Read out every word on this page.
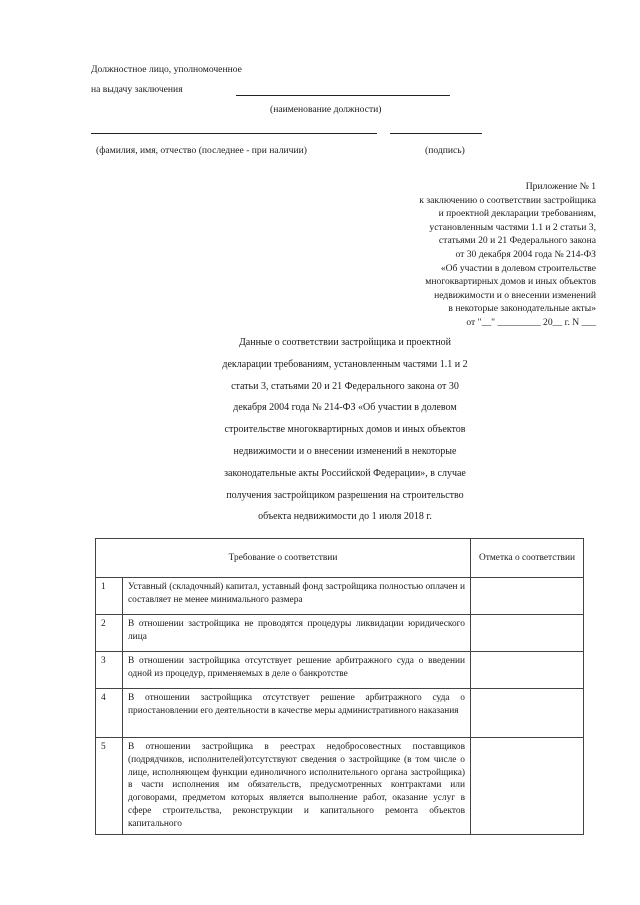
Должностное лицо, уполномоченное
на выдачу заключения
(наименование должности)
(фамилия, имя, отчество (последнее - при наличии)	(подпись)
Приложение № 1
к заключению о соответствии застройщика
и проектной декларации требованиям,
установленным частями 1.1 и 2 статьи 3,
статьями 20 и 21 Федерального закона
от 30 декабря 2004 года № 214-ФЗ
«Об участии в долевом строительстве
многоквартирных домов и иных объектов
недвижимости и о внесении изменений
в некоторые законодательные акты»
от "__" _________ 20__ г. N ___
Данные о соответствии застройщика и проектной
декларации требованиям, установленным частями 1.1 и 2
статьи 3, статьями 20 и 21 Федерального закона от 30
декабря 2004 года № 214-ФЗ «Об участии в долевом
строительстве многоквартирных домов и иных объектов
недвижимости и о внесении изменений в некоторые
законодательные акты Российской Федерации», в случае
получения застройщиком разрешения на строительство
объекта недвижимости до 1 июля 2018 г.
Требование о соответствии		Отметка о соответствии
1	Уставный (складочный) капитал, уставный фонд застройщика полностью оплачен и составляет не менее минимального размера	
2	В отношении застройщика не проводятся процедуры ликвидации юридического лица	
3	В отношении застройщика отсутствует решение арбитражного суда о введении одной из процедур, применяемых в деле о банкротстве	
4	В отношении застройщика отсутствует решение арбитражного суда о приостановлении его деятельности в качестве меры административного наказания	
5	В отношении застройщика в реестрах недобросовестных поставщиков (подрядчиков, исполнителей)отсутствуют сведения о застройщике (в том числе о лице, исполняющем функции единоличного исполнительного органа застройщика) в части исполнения им обязательств, предусмотренных контрактами или договорами, предметом которых является выполнение работ, оказание услуг в сфере строительства, реконструкции и капитального ремонта объектов капитального	
